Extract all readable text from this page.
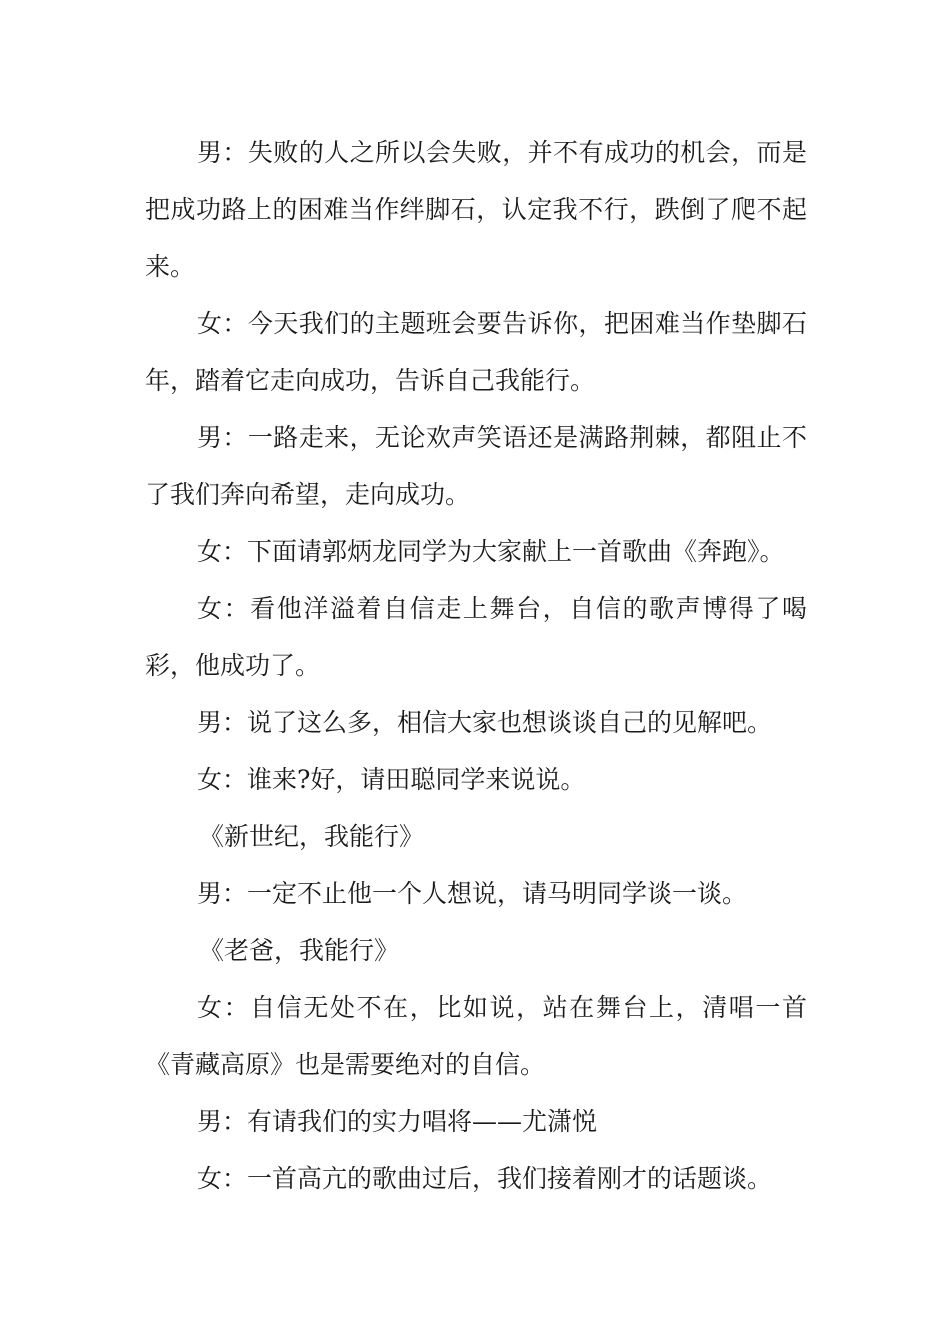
男：失败的人之所以会失败，并不有成功的机会，而是把成功路上的困难当作绊脚石，认定我不行，跌倒了爬不起来。

女：今天我们的主题班会要告诉你，把困难当作垫脚石年，踏着它走向成功，告诉自己我能行。

男：一路走来，无论欢声笑语还是满路荆棘，都阻止不了我们奔向希望，走向成功。

女：下面请郭炳龙同学为大家献上一首歌曲《奔跑》。

女：看他洋溢着自信走上舞台，自信的歌声博得了喝彩，他成功了。

男：说了这么多，相信大家也想谈谈自己的见解吧。

女：谁来?好，请田聪同学来说说。

《新世纪，我能行》

男：一定不止他一个人想说，请马明同学谈一谈。

《老爸，我能行》

女：自信无处不在，比如说，站在舞台上，清唱一首《青藏高原》也是需要绝对的自信。

男：有请我们的实力唱将——尤潇悦

女：一首高亢的歌曲过后，我们接着刚才的话题谈。
